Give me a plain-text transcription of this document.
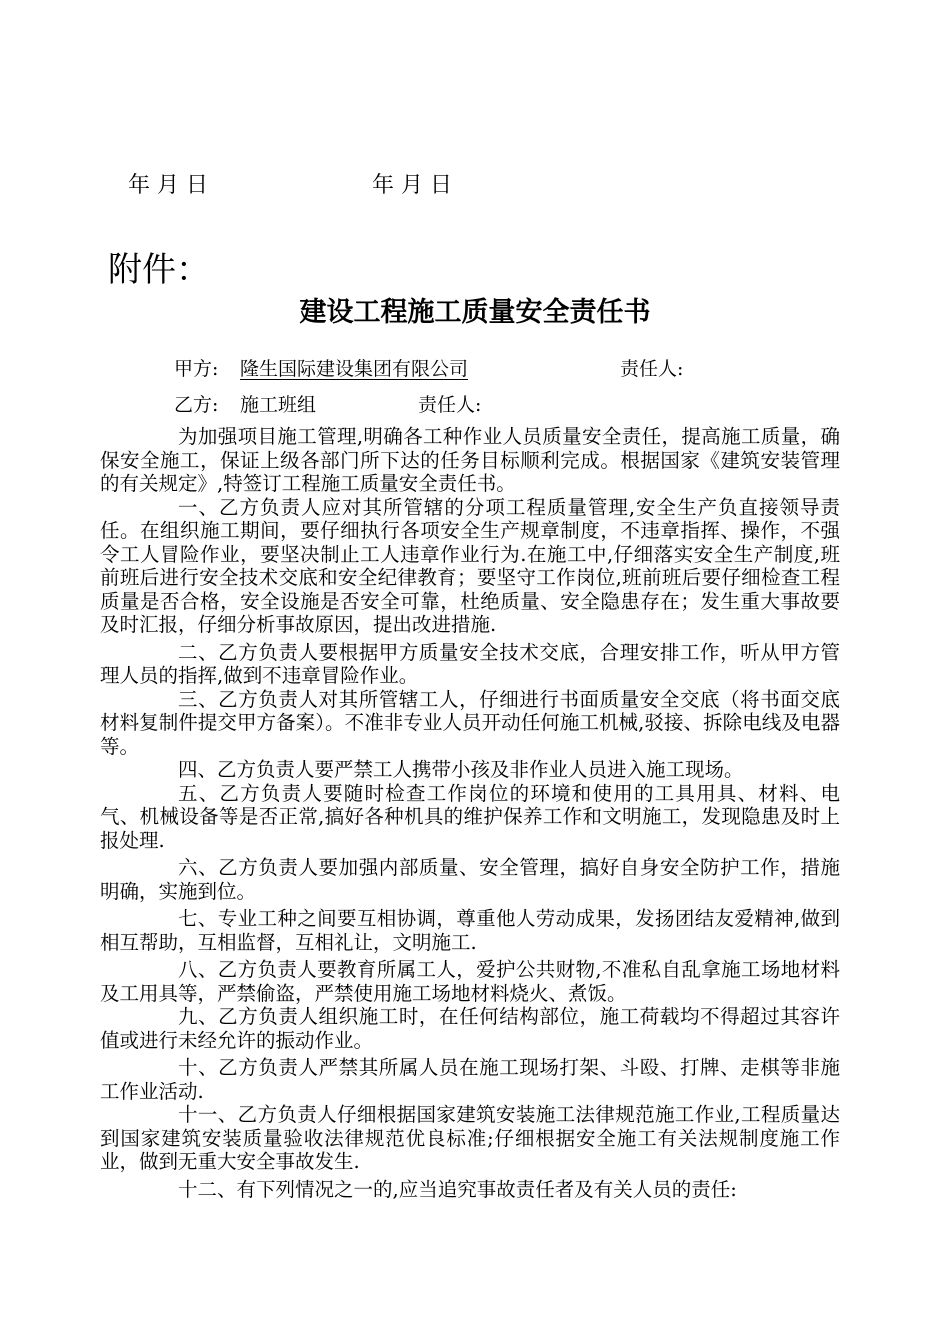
年 月 日	年 月 日
附件：
建设工程施工质量安全责任书
甲方: 隆生国际建设集团有限公司	责任人:
乙方: 施工班组	责任人:

为加强项目施工管理,明确各工种作业人员质量安全责任，提高施工质量，确保安全施工，保证上级各部门所下达的任务目标顺利完成。根据国家《建筑安装管理的有关规定》,特签订工程施工质量安全责任书。

一、乙方负责人应对其所管辖的分项工程质量管理,安全生产负直接领导责任。在组织施工期间，要仔细执行各项安全生产规章制度，不违章指挥、操作，不强令工人冒险作业，要坚决制止工人违章作业行为.在施工中,仔细落实安全生产制度,班前班后进行安全技术交底和安全纪律教育；要坚守工作岗位,班前班后要仔细检查工程质量是否合格，安全设施是否安全可靠，杜绝质量、安全隐患存在；发生重大事故要及时汇报，仔细分析事故原因，提出改进措施.

二、乙方负责人要根据甲方质量安全技术交底，合理安排工作，听从甲方管理人员的指挥,做到不违章冒险作业。

三、乙方负责人对其所管辖工人，仔细进行书面质量安全交底（将书面交底材料复制件提交甲方备案）。不准非专业人员开动任何施工机械,驳接、拆除电线及电器等。

四、乙方负责人要严禁工人携带小孩及非作业人员进入施工现场。

五、乙方负责人要随时检查工作岗位的环境和使用的工具用具、材料、电气、机械设备等是否正常,搞好各种机具的维护保养工作和文明施工，发现隐患及时上报处理.

六、乙方负责人要加强内部质量、安全管理，搞好自身安全防护工作，措施明确，实施到位。

七、专业工种之间要互相协调，尊重他人劳动成果，发扬团结友爱精神,做到相互帮助，互相监督，互相礼让，文明施工.

八、乙方负责人要教育所属工人，爱护公共财物,不准私自乱拿施工场地材料及工用具等，严禁偷盗，严禁使用施工场地材料烧火、煮饭。

九、乙方负责人组织施工时，在任何结构部位，施工荷载均不得超过其容许值或进行未经允许的振动作业。

十、乙方负责人严禁其所属人员在施工现场打架、斗殴、打牌、走棋等非施工作业活动.

十一、乙方负责人仔细根据国家建筑安装施工法律规范施工作业,工程质量达到国家建筑安装质量验收法律规范优良标准;仔细根据安全施工有关法规制度施工作业，做到无重大安全事故发生.

十二、有下列情况之一的,应当追究事故责任者及有关人员的责任:
